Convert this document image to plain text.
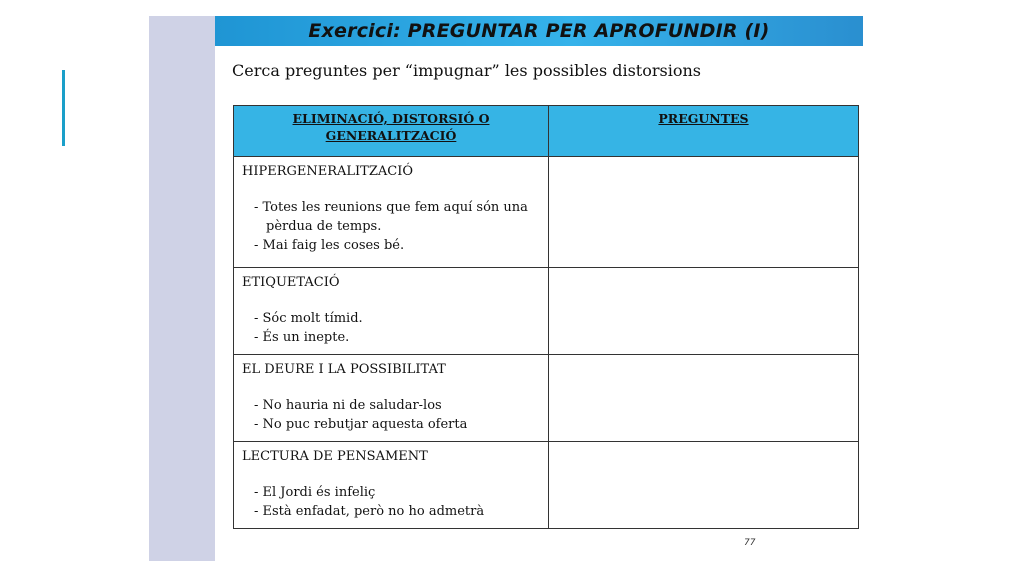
Exercici: PREGUNTAR PER APROFUNDIR (I)
Cerca preguntes per “impugnar” les possibles distorsions
ELIMINACIÓ, DISTORSIÓ O GENERALITZACIÓ	PREGUNTES

HIPERGENERALITZACIÓ
- Totes les reunions que fem aquí són una pèrdua de temps.
- Mai faig les coses bé.	

ETIQUETACIÓ
- Sóc molt tímid.
- És un inepte.	

EL DEURE I LA POSSIBILITAT
- No hauria ni de saludar-los
- No puc rebutjar aquesta oferta	

LECTURA DE PENSAMENT
- El Jordi és infeliç
- Està enfadat, però no ho admetrà	

77
